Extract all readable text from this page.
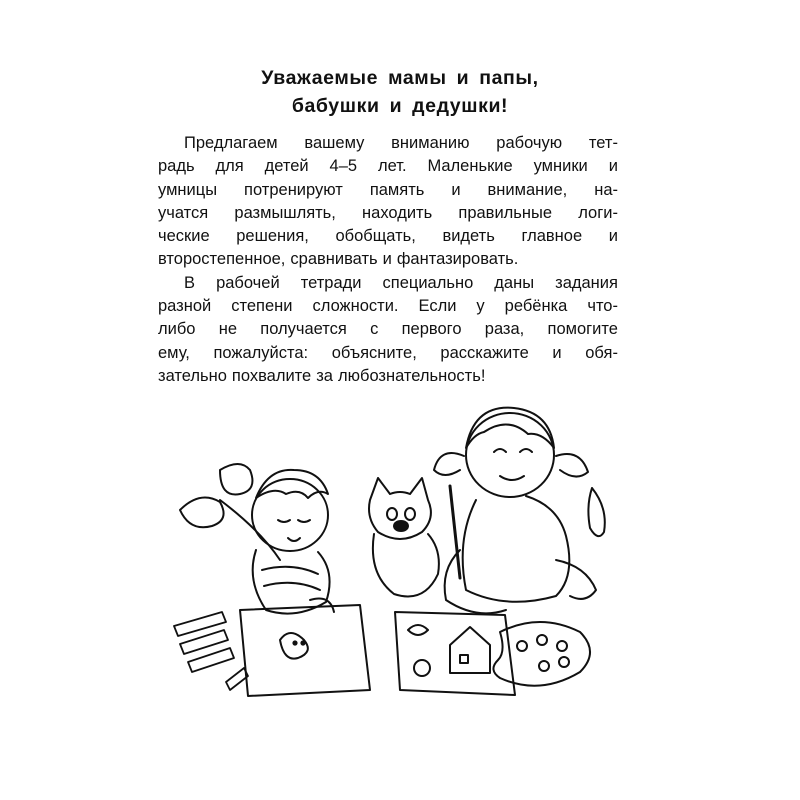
Уважаемые мамы и папы,
бабушки и дедушки!
Предлагаем вашему вниманию рабочую тет-
радь для детей 4–5 лет. Маленькие умники и
умницы потренируют память и внимание, на-
учатся размышлять, находить правильные логи-
ческие решения, обобщать, видеть главное и
второстепенное, сравнивать и фантазировать.
В рабочей тетради специально даны задания
разной степени сложности. Если у ребёнка что-
либо не получается с первого раза, помогите
ему, пожалуйста: объясните, расскажите и обя-
зательно похвалите за любознательность!
